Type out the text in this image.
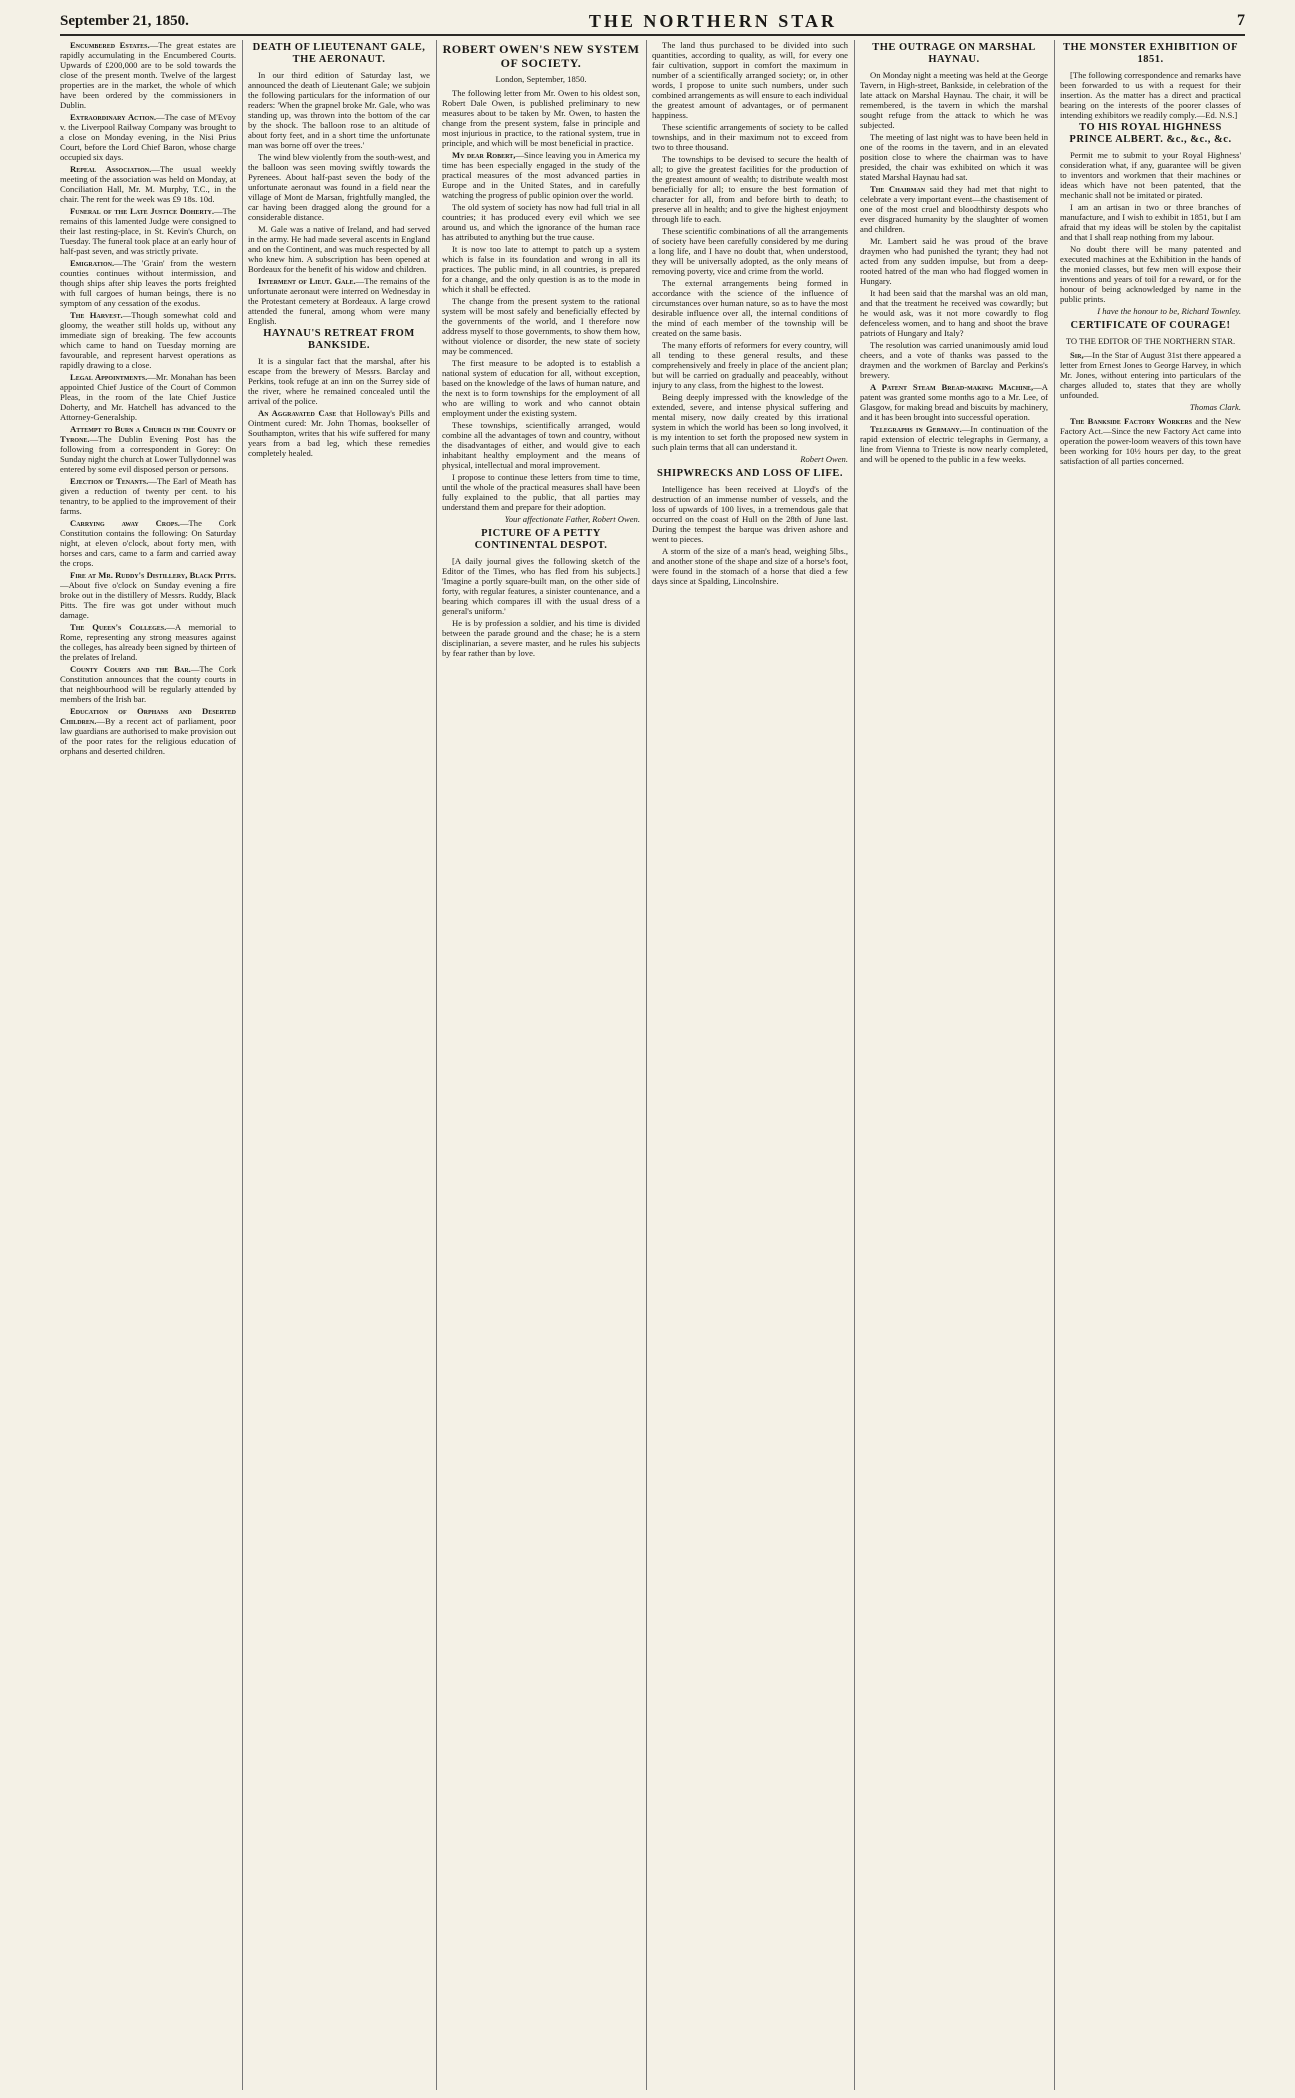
September 21, 1850.	THE NORTHERN STAR	7

Encumbered Estates.—The great estates are rapidly accumulating in the Encumbered Courts. Upwards of £200,000 are to be sold towards the close of the present month. Twelve of the largest properties are in the market, the whole of which have been ordered by the commissioners in Dublin.

Extraordinary Action.—The case of M'Evoy v. the Liverpool Railway Company was brought to a close on Monday evening, in the Nisi Prius Court, before the Lord Chief Baron, whose charge occupied six days.

Repeal Association.—The usual weekly meeting of the association was held on Monday, at Conciliation Hall, Mr. M. Murphy, T.C., in the chair. The rent for the week was £9 18s. 10d.

Funeral of the Late Justice Doherty.—The remains of this lamented Judge were consigned to their last resting-place, in St. Kevin's Church, on Tuesday. The funeral took place at an early hour of half-past seven, and was strictly private.

Emigration.—The 'Grain' from the western counties continues without intermission, and though ships after ship leaves the ports freighted with full cargoes of human beings, there is no symptom of any cessation of the exodus.

The Harvest.—Though somewhat cold and gloomy, the weather still holds up, without any immediate sign of breaking. The few accounts which came to hand on Tuesday morning are favourable, and represent harvest operations as rapidly drawing to a close.

Legal Appointments.—Mr. Monahan has been appointed Chief Justice of the Court of Common Pleas, in the room of the late Chief Justice Doherty, and Mr. Hatchell has advanced to the Attorney-Generalship.

Attempt to Burn a Church in the County of Tyrone.—The Dublin Evening Post has the following from a correspondent in Gorey: On Sunday night the church at Lower Tullydonnel was entered by some evil disposed person or persons.

Ejection of Tenants.—The Earl of Meath has given a reduction of twenty per cent. to his tenantry, to be applied to the improvement of their farms.

Carrying away Crops.—The Cork Constitution contains the following: On Saturday night, at eleven o'clock, about forty men, with horses and cars, came to a farm and carried away the crops.

Fire at Mr. Ruddy's Distillery, Black Pitts.—About five o'clock on Sunday evening a fire broke out in the distillery of Messrs. Ruddy, Black Pitts. The fire was got under without much damage.

The Queen's Colleges.—A memorial to Rome, representing any strong measures against the colleges, has already been signed by thirteen of the prelates of Ireland.

County Courts and the Bar.—The Cork Constitution announces that the county courts in that neighbourhood will be regularly attended by members of the Irish bar.

Education of Orphans and Deserted Children.—By a recent act of parliament, poor law guardians are authorised to make provision out of the poor rates for the religious education of orphans and deserted children.

DEATH OF LIEUTENANT GALE, THE AERONAUT.

In our third edition of Saturday last, we announced the death of Lieutenant Gale; we subjoin the following particulars for the information of our readers: 'When the grapnel broke Mr. Gale, who was standing up, was thrown into the bottom of the car by the shock. The balloon rose to an altitude of about forty feet, and in a short time the unfortunate man was borne off over the trees.'

The wind blew violently from the south-west, and the balloon was seen moving swiftly towards the Pyrenees. About half-past seven the body of the unfortunate aeronaut was found in a field near the village of Mont de Marsan, frightfully mangled, the car having been dragged along the ground for a considerable distance.

M. Gale was a native of Ireland, and had served in the army. He had made several ascents in England and on the Continent, and was much respected by all who knew him. A subscription has been opened at Bordeaux for the benefit of his widow and children.

Interment of Lieut. Gale.—The remains of the unfortunate aeronaut were interred on Wednesday in the Protestant cemetery at Bordeaux. A large crowd attended the funeral, among whom were many English.

HAYNAU'S RETREAT FROM BANKSIDE.

It is a singular fact that the marshal, after his escape from the brewery of Messrs. Barclay and Perkins, took refuge at an inn on the Surrey side of the river, where he remained concealed until the arrival of the police.

An Aggravated Case that Holloway's Pills and Ointment cured: Mr. John Thomas, bookseller of Southampton, writes that his wife suffered for many years from a bad leg, which these remedies completely healed.

ROBERT OWEN'S NEW SYSTEM OF SOCIETY.
London, September, 1850.

The following letter from Mr. Owen to his oldest son, Robert Dale Owen, is published preliminary to new measures about to be taken by Mr. Owen, to hasten the change from the present system, false in principle and most injurious in practice, to the rational system, true in principle, and which will be most beneficial in practice.

My dear Robert,—Since leaving you in America my time has been especially engaged in the study of the practical measures of the most advanced parties in Europe and in the United States, and in carefully watching the progress of public opinion over the world.

The old system of society has now had full trial in all countries; it has produced every evil which we see around us, and which the ignorance of the human race has attributed to anything but the true cause.

It is now too late to attempt to patch up a system which is false in its foundation and wrong in all its practices. The public mind, in all countries, is prepared for a change, and the only question is as to the mode in which it shall be effected.

The change from the present system to the rational system will be most safely and beneficially effected by the governments of the world, and I therefore now address myself to those governments, to show them how, without violence or disorder, the new state of society may be commenced.

The first measure to be adopted is to establish a national system of education for all, without exception, based on the knowledge of the laws of human nature, and the next is to form townships for the employment of all who are willing to work and who cannot obtain employment under the existing system.

These townships, scientifically arranged, would combine all the advantages of town and country, without the disadvantages of either, and would give to each inhabitant healthy employment and the means of physical, intellectual and moral improvement.

I propose to continue these letters from time to time, until the whole of the practical measures shall have been fully explained to the public, that all parties may understand them and prepare for their adoption.

Your affectionate Father, Robert Owen.
PICTURE OF A PETTY CONTINENTAL DESPOT.

[A daily journal gives the following sketch of the Editor of the Times, who has fled from his subjects.] 'Imagine a portly square-built man, on the other side of forty, with regular features, a sinister countenance, and a bearing which compares ill with the usual dress of a general's uniform.'

He is by profession a soldier, and his time is divided between the parade ground and the chase; he is a stern disciplinarian, a severe master, and he rules his subjects by fear rather than by love.

The land thus purchased to be divided into such quantities, according to quality, as will, for every one fair cultivation, support in comfort the maximum in number of a scientifically arranged society; or, in other words, I propose to unite such numbers, under such combined arrangements as will ensure to each individual the greatest amount of advantages, or of permanent happiness.

These scientific arrangements of society to be called townships, and in their maximum not to exceed from two to three thousand.

The townships to be devised to secure the health of all; to give the greatest facilities for the production of the greatest amount of wealth; to distribute wealth most beneficially for all; to ensure the best formation of character for all, from and before birth to death; to preserve all in health; and to give the highest enjoyment through life to each.

These scientific combinations of all the arrangements of society have been carefully considered by me during a long life, and I have no doubt that, when understood, they will be universally adopted, as the only means of removing poverty, vice and crime from the world.

The external arrangements being formed in accordance with the science of the influence of circumstances over human nature, so as to have the most desirable influence over all, the internal conditions of the mind of each member of the township will be created on the same basis.

The many efforts of reformers for every country, will all tending to these general results, and these comprehensively and freely in place of the ancient plan; but will be carried on gradually and peaceably, without injury to any class, from the highest to the lowest.

Being deeply impressed with the knowledge of the extended, severe, and intense physical suffering and mental misery, now daily created by this irrational system in which the world has been so long involved, it is my intention to set forth the proposed new system in such plain terms that all can understand it.

Robert Owen.
SHIPWRECKS AND LOSS OF LIFE.

Intelligence has been received at Lloyd's of the destruction of an immense number of vessels, and the loss of upwards of 100 lives, in a tremendous gale that occurred on the coast of Hull on the 28th of June last. During the tempest the barque was driven ashore and went to pieces.

A storm of the size of a man's head, weighing 5lbs., and another stone of the shape and size of a horse's foot, were found in the stomach of a horse that died a few days since at Spalding, Lincolnshire.

THE OUTRAGE ON MARSHAL HAYNAU.

On Monday night a meeting was held at the George Tavern, in High-street, Bankside, in celebration of the late attack on Marshal Haynau. The chair, it will be remembered, is the tavern in which the marshal sought refuge from the attack to which he was subjected.

The meeting of last night was to have been held in one of the rooms in the tavern, and in an elevated position close to where the chairman was to have presided, the chair was exhibited on which it was stated Marshal Haynau had sat.

The Chairman said they had met that night to celebrate a very important event—the chastisement of one of the most cruel and bloodthirsty despots who ever disgraced humanity by the slaughter of women and children.

Mr. Lambert said he was proud of the brave draymen who had punished the tyrant; they had not acted from any sudden impulse, but from a deep-rooted hatred of the man who had flogged women in Hungary.

It had been said that the marshal was an old man, and that the treatment he received was cowardly; but he would ask, was it not more cowardly to flog defenceless women, and to hang and shoot the brave patriots of Hungary and Italy?

The resolution was carried unanimously amid loud cheers, and a vote of thanks was passed to the draymen and the workmen of Barclay and Perkins's brewery.

A Patent Steam Bread-making Machine,—A patent was granted some months ago to a Mr. Lee, of Glasgow, for making bread and biscuits by machinery, and it has been brought into successful operation.

Telegraphs in Germany.—In continuation of the rapid extension of electric telegraphs in Germany, a line from Vienna to Trieste is now nearly completed, and will be opened to the public in a few weeks.

THE MONSTER EXHIBITION OF 1851.

[The following correspondence and remarks have been forwarded to us with a request for their insertion. As the matter has a direct and practical bearing on the interests of the poorer classes of intending exhibitors we readily comply.—Ed. N.S.]

TO HIS ROYAL HIGHNESS PRINCE ALBERT. &c., &c., &c.

Permit me to submit to your Royal Highness' consideration what, if any, guarantee will be given to inventors and workmen that their machines or ideas which have not been patented, that the mechanic shall not be imitated or pirated.

I am an artisan in two or three branches of manufacture, and I wish to exhibit in 1851, but I am afraid that my ideas will be stolen by the capitalist and that I shall reap nothing from my labour.

No doubt there will be many patented and executed machines at the Exhibition in the hands of the monied classes, but few men will expose their inventions and years of toil for a reward, or for the honour of being acknowledged by name in the public prints.

I have the honour to be, Richard Townley.
CERTIFICATE OF COURAGE!
TO THE EDITOR OF THE NORTHERN STAR.

Sir,—In the Star of August 31st there appeared a letter from Ernest Jones to George Harvey, in which Mr. Jones, without entering into particulars of the charges alluded to, states that they are wholly unfounded.

Thomas Clark.

The Bankside Factory Workers and the New Factory Act.—Since the new Factory Act came into operation the power-loom weavers of this town have been working for 10½ hours per day, to the great satisfaction of all parties concerned.
